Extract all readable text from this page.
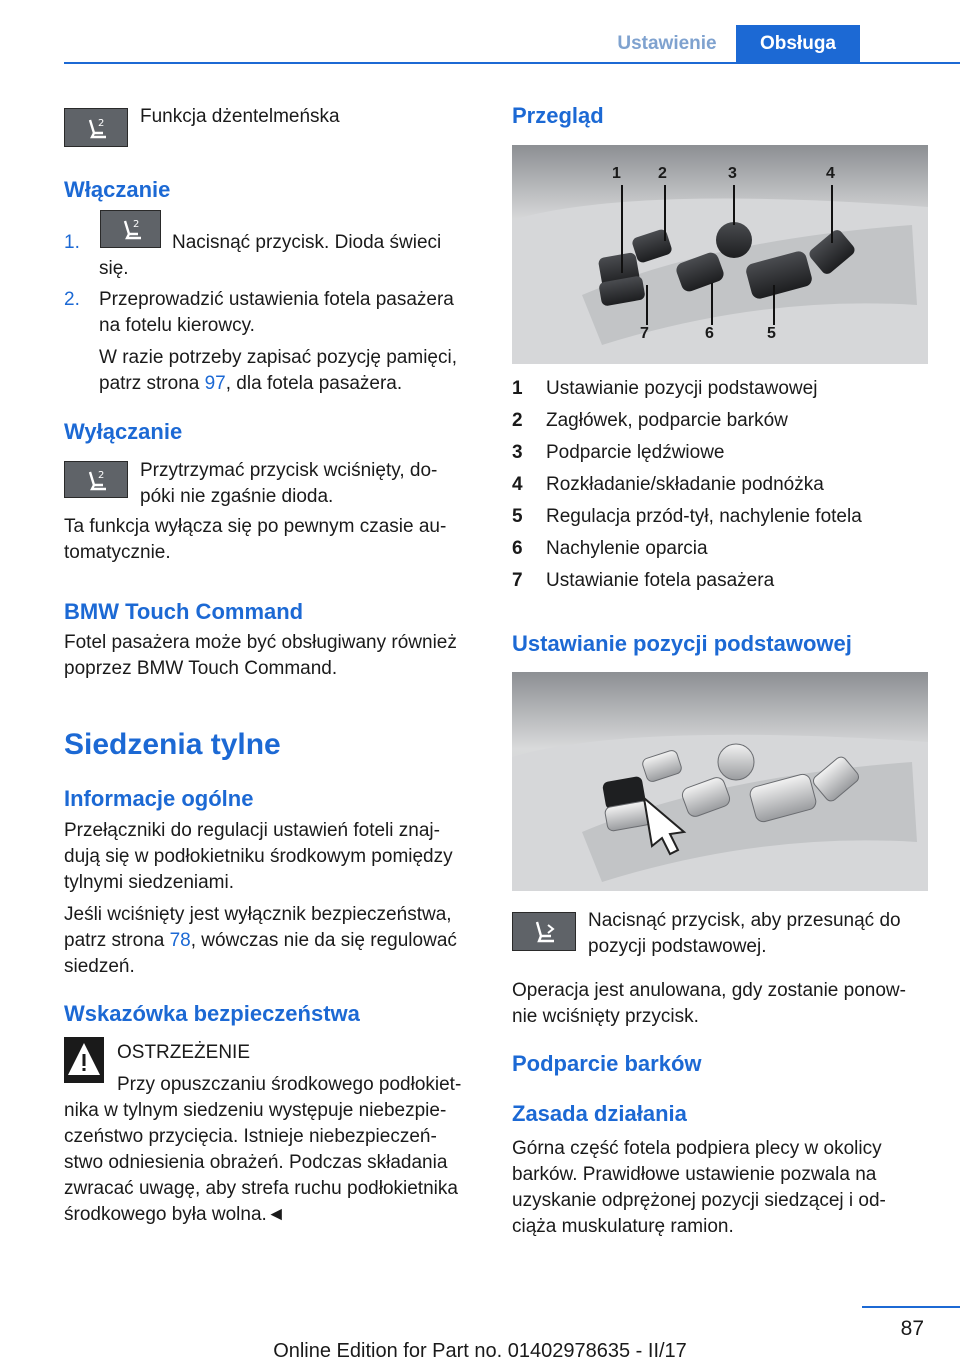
Ustawienie	Obsługa
2 Funkcja dżentelmeńska
Włączanie
1.
2
Nacisnąć przycisk. Dioda świeci
się.
2. Przeprowadzić ustawienia fotela pasażera
na fotelu kierowcy.
W razie potrzeby zapisać pozycję pamięci,
patrz strona 97, dla fotela pasażera.
Wyłączanie
2 Przytrzymać przycisk wciśnięty, do‐
póki nie zgaśnie dioda.
Ta funkcja wyłącza się po pewnym czasie au‐
tomatycznie.
BMW Touch Command
Fotel pasażera może być obsługiwany również
poprzez BMW Touch Command.
Siedzenia tylne
Informacje ogólne
Przełączniki do regulacji ustawień foteli znaj‐
dują się w podłokietniku środkowym pomiędzy
tylnymi siedzeniami.
Jeśli wciśnięty jest wyłącznik bezpieczeństwa,
patrz strona 78, wówczas nie da się regulować
siedzeń.
Wskazówka bezpieczeństwa
OSTRZEŻENIE
Przy opuszczaniu środkowego podłokiet‐
nika w tylnym siedzeniu występuje niebezpie‐
czeństwo przycięcia. Istnieje niebezpieczeń‐
stwo odniesienia obrażeń. Podczas składania
zwracać uwagę, aby strefa ruchu podłokietnika
środkowego była wolna.◄
Przegląd
1 2	3	4
7	6	5
1 Ustawianie pozycji podstawowej
2 Zagłówek, podparcie barków
3 Podparcie lędźwiowe
4 Rozkładanie/składanie podnóżka
5 Regulacja przód-tył, nachylenie fotela
6 Nachylenie oparcia
7 Ustawianie fotela pasażera
Ustawianie pozycji podstawowej
Nacisnąć przycisk, aby przesunąć do
pozycji podstawowej.
Operacja jest anulowana, gdy zostanie ponow‐
nie wciśnięty przycisk.
Podparcie barków
Zasada działania
Górna część fotela podpiera plecy w okolicy
barków. Prawidłowe ustawienie pozwala na
uzyskanie odprężonej pozycji siedzącej i od‐
ciąża muskulaturę ramion.
87
Online Edition for Part no. 01402978635 - II/17
